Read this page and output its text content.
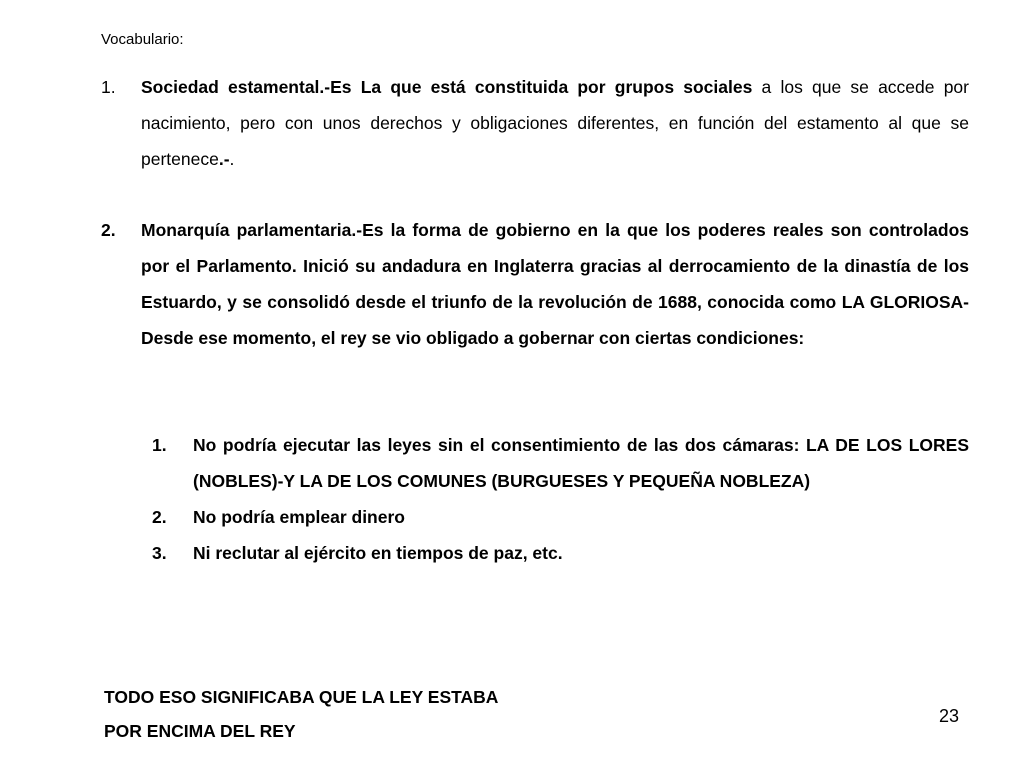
Vocabulario:
1. Sociedad estamental.-Es La que está constituida por grupos sociales a los que se accede por nacimiento, pero con unos derechos y obligaciones diferentes, en función del estamento al que se pertenece.-.
2. Monarquía parlamentaria.-Es la forma de gobierno en la que los poderes reales son controlados por el Parlamento. Inició su andadura en Inglaterra gracias al derrocamiento de la dinastía de los Estuardo, y se consolidó desde el triunfo de la revolución de 1688, conocida como LA GLORIOSA- Desde ese momento, el rey se vio obligado a gobernar con ciertas condiciones:
1. No podría ejecutar las leyes sin el consentimiento de las dos cámaras: LA DE LOS LORES (NOBLES)-Y LA DE LOS COMUNES (BURGUESES Y PEQUEÑA NOBLEZA)
2. No podría emplear dinero
3. Ni reclutar al ejército en tiempos de paz, etc.
TODO ESO SIGNIFICABA QUE LA LEY ESTABA
POR ENCIMA DEL REY
23
